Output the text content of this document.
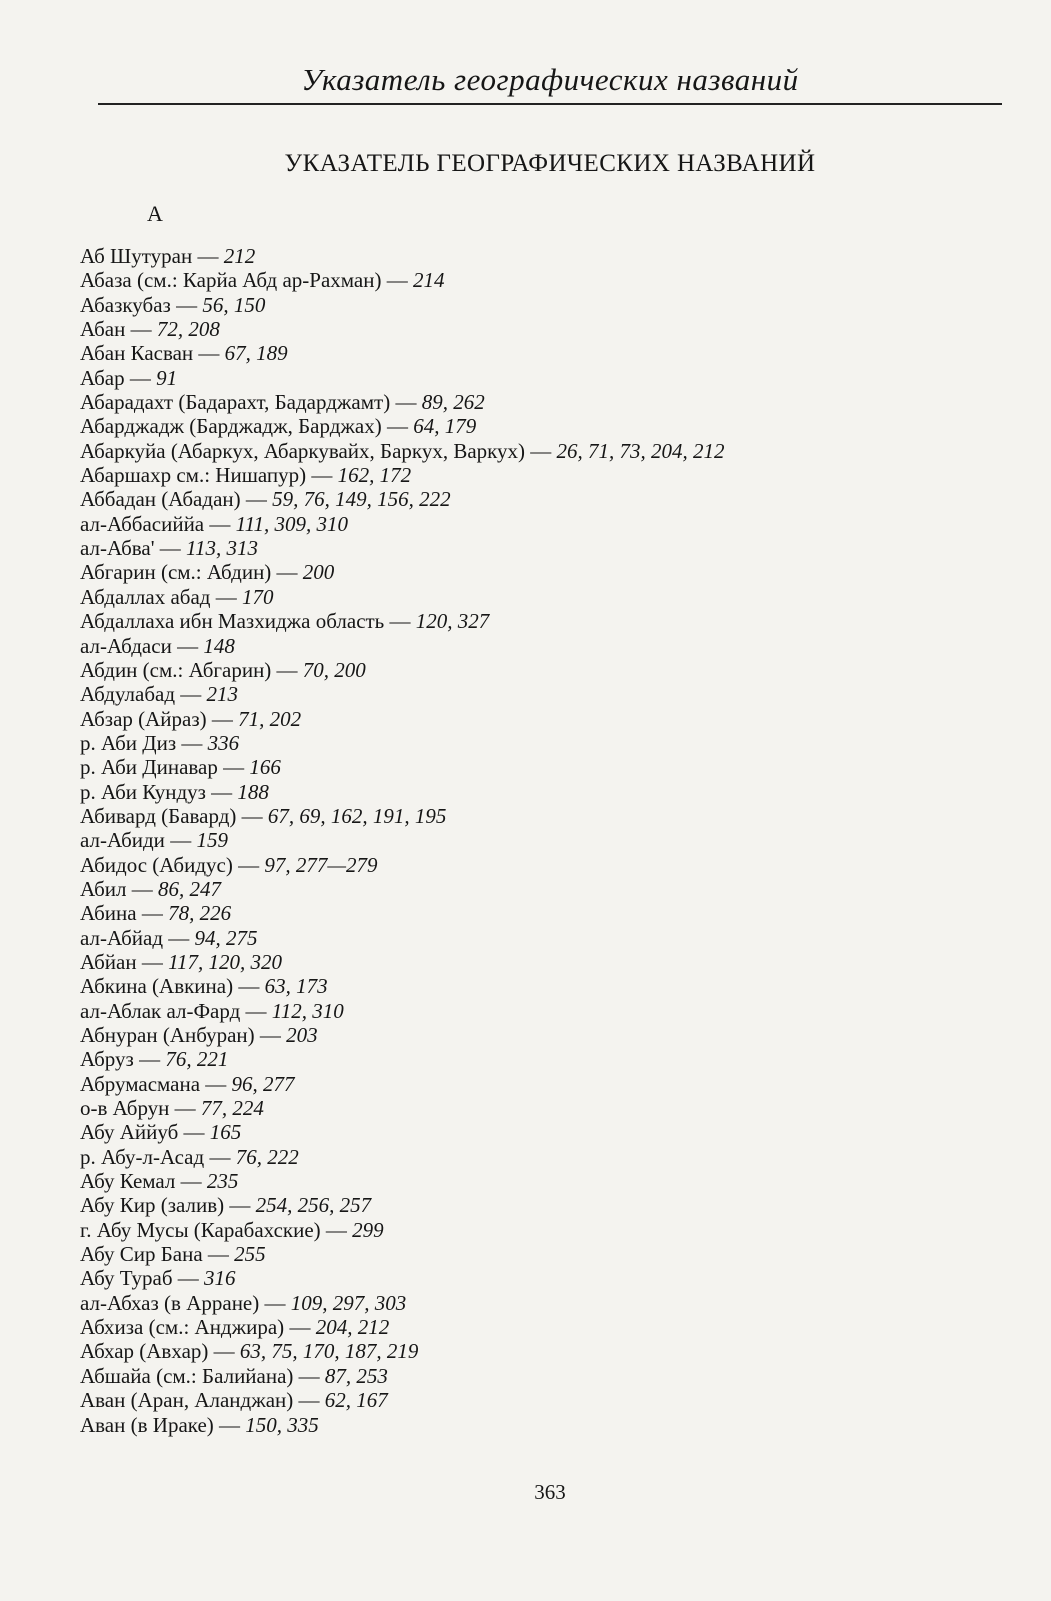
Указатель географических названий
УКАЗАТЕЛЬ ГЕОГРАФИЧЕСКИХ НАЗВАНИЙ
А
Аб Шутуран — 212
Абаза (см.: Карйа Абд ар-Рахман) — 214
Абазкубаз — 56, 150
Абан — 72, 208
Абан Касван — 67, 189
Абар — 91
Абарадахт (Бадарахт, Бадарджамт) — 89, 262
Абарджадж (Барджадж, Барджах) — 64, 179
Абаркуйа (Абаркух, Абаркувайх, Баркух, Варкух) — 26, 71, 73, 204, 212
Абаршахр см.: Нишапур) — 162, 172
Аббадан (Абадан) — 59, 76, 149, 156, 222
ал-Аббасиййа — 111, 309, 310
ал-Абва' — 113, 313
Абгарин (см.: Абдин) — 200
Абдаллах абад — 170
Абдаллаха ибн Мазхиджа область — 120, 327
ал-Абдаси — 148
Абдин (см.: Абгарин) — 70, 200
Абдулабад — 213
Абзар (Айраз) — 71, 202
р. Аби Диз — 336
р. Аби Динавар — 166
р. Аби Кундуз — 188
Абивард (Бавард) — 67, 69, 162, 191, 195
ал-Абиди — 159
Абидос (Абидус) — 97, 277—279
Абил — 86, 247
Абина — 78, 226
ал-Абйад — 94, 275
Абйан — 117, 120, 320
Абкина (Авкина) — 63, 173
ал-Аблак ал-Фард — 112, 310
Абнуран (Анбуран) — 203
Абруз — 76, 221
Абрумасмана — 96, 277
о-в Абрун — 77, 224
Абу Аййуб — 165
р. Абу-л-Асад — 76, 222
Абу Кемал — 235
Абу Кир (залив) — 254, 256, 257
г. Абу Мусы (Карабахские) — 299
Абу Сир Бана — 255
Абу Тураб — 316
ал-Абхаз (в Арране) — 109, 297, 303
Абхиза (см.: Анджира) — 204, 212
Абхар (Авхар) — 63, 75, 170, 187, 219
Абшайа (см.: Балийана) — 87, 253
Аван (Аран, Аланджан) — 62, 167
Аван (в Ираке) — 150, 335
363
